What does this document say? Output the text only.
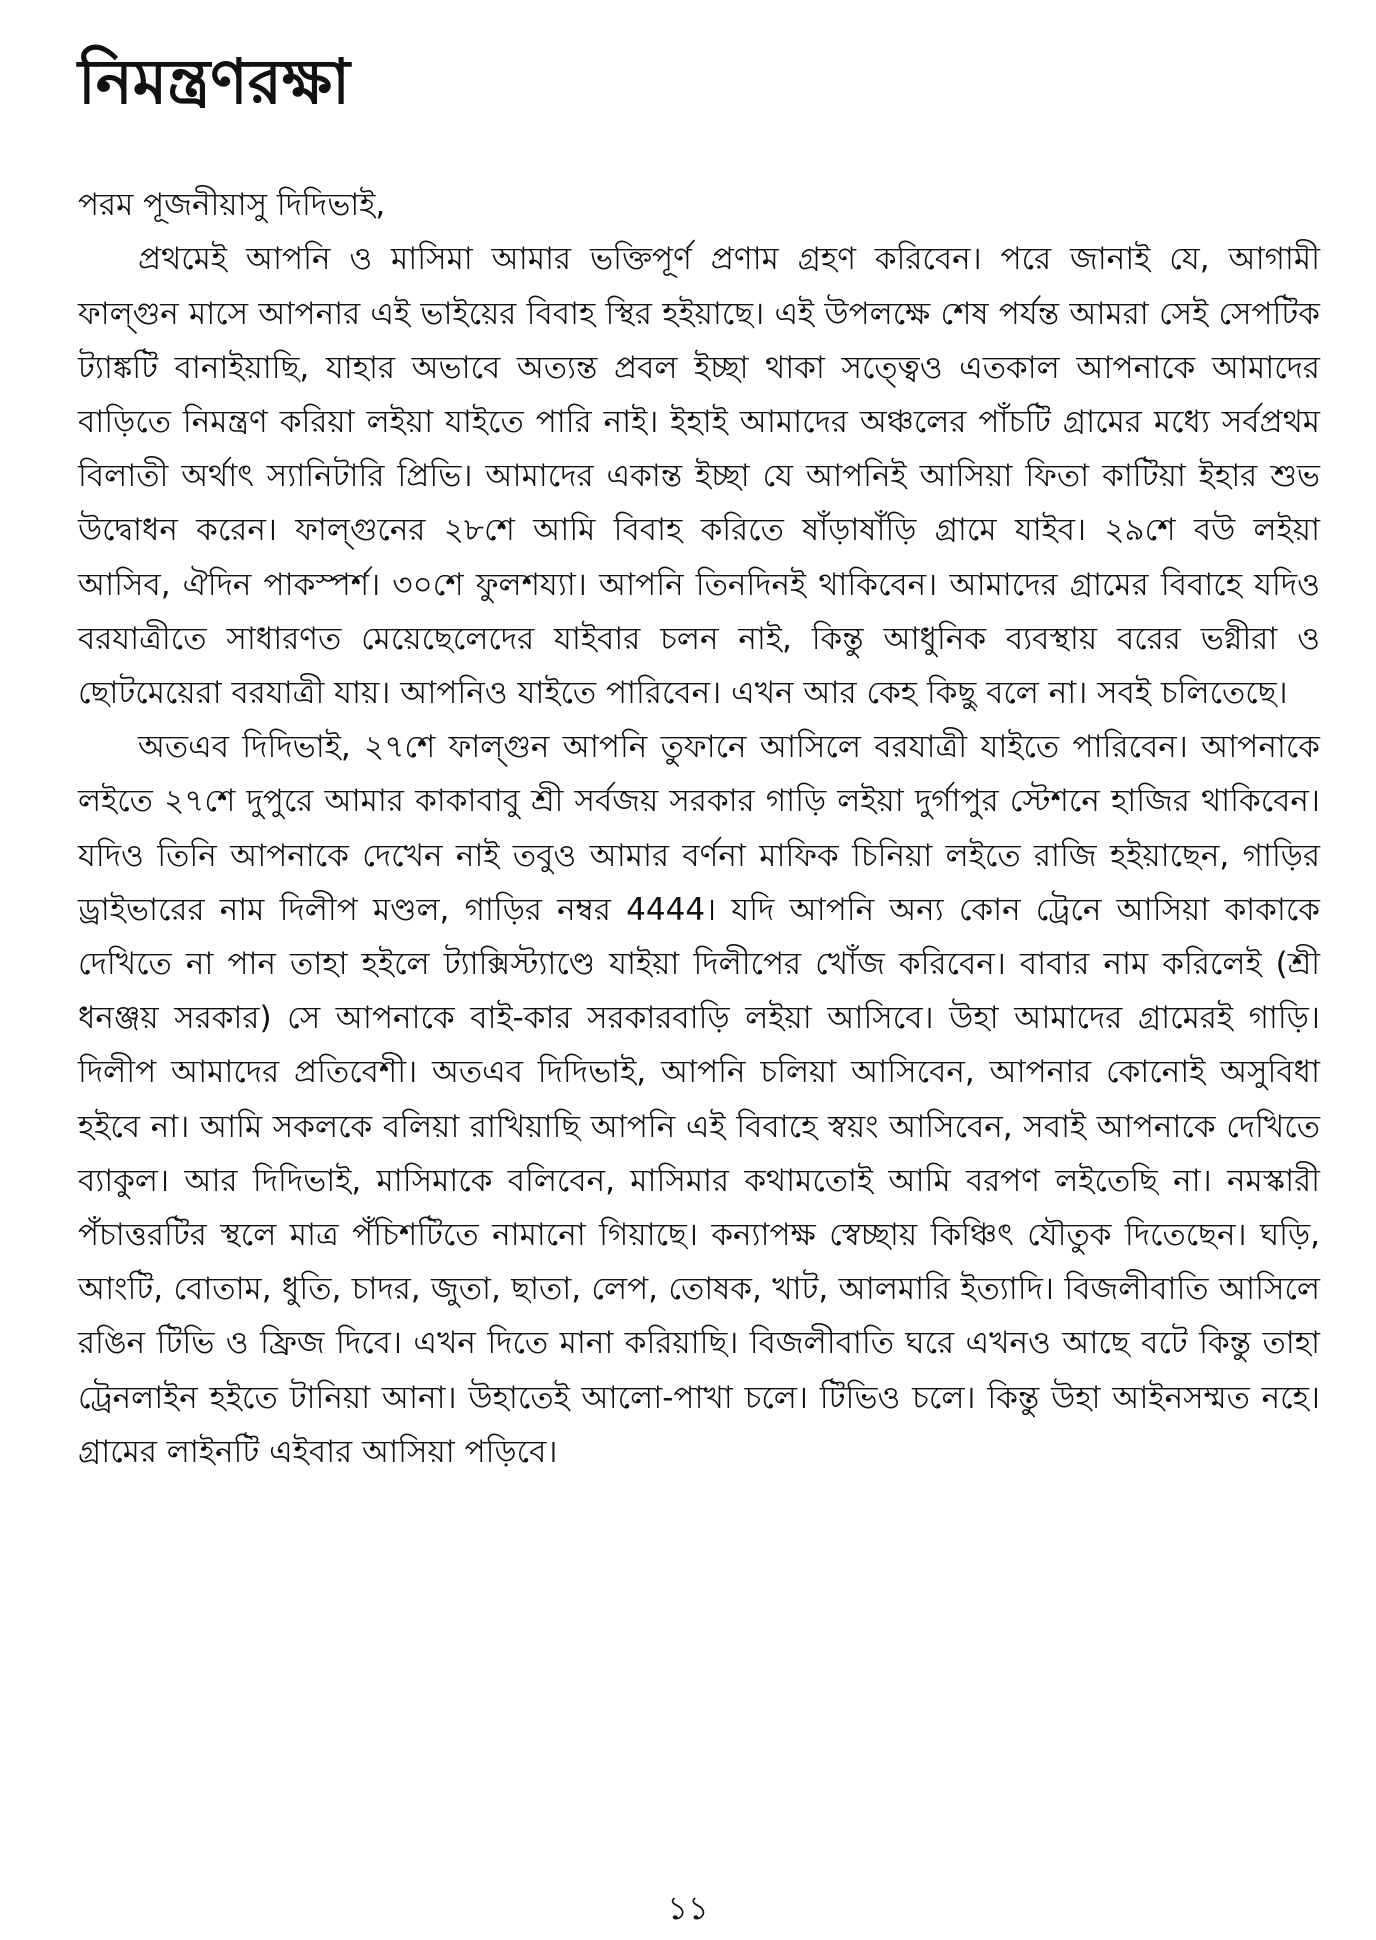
নিমন্ত্রণরক্ষা

পরম পূজনীয়াসু দিদিভাই,

প্রথমেই আপনি ও মাসিমা আমার ভক্তিপূর্ণ প্রণাম গ্রহণ করিবেন। পরে জানাই যে, আগামী ফাল্গুন মাসে আপনার এই ভাইয়ের বিবাহ স্থির হইয়াছে। এই উপলক্ষে শেষ পর্যন্ত আমরা সেই সেপটিক ট্যাঙ্কটি বানাইয়াছি, যাহার অভাবে অত্যন্ত প্রবল ইচ্ছা থাকা সত্ত্বেও এতকাল আপনাকে আমাদের বাড়িতে নিমন্ত্রণ করিয়া লইয়া যাইতে পারি নাই। ইহাই আমাদের অঞ্চলের পাঁচটি গ্রামের মধ্যে সর্বপ্রথম বিলাতী অর্থাৎ স্যানিটারি প্রিভি। আমাদের একান্ত ইচ্ছা যে আপনিই আসিয়া ফিতা কাটিয়া ইহার শুভ উদ্বোধন করেন। ফাল্গুনের ২৮শে আমি বিবাহ করিতে ষাঁড়াষাঁড়ি গ্রামে যাইব। ২৯শে বউ লইয়া আসিব, ঐদিন পাকস্পর্শ। ৩০শে ফুলশয্যা। আপনি তিনদিনই থাকিবেন। আমাদের গ্রামের বিবাহে যদিও বরযাত্রীতে সাধারণত মেয়েছেলেদের যাইবার চলন নাই, কিন্তু আধুনিক ব্যবস্থায় বরের ভগ্নীরা ও ছোটমেয়েরা বরযাত্রী যায়। আপনিও যাইতে পারিবেন। এখন আর কেহ কিছু বলে না। সবই চলিতেছে।

অতএব দিদিভাই, ২৭শে ফাল্গুন আপনি তুফানে আসিলে বরযাত্রী যাইতে পারিবেন। আপনাকে লইতে ২৭শে দুপুরে আমার কাকাবাবু শ্রী সর্বজয় সরকার গাড়ি লইয়া দুর্গাপুর স্টেশনে হাজির থাকিবেন। যদিও তিনি আপনাকে দেখেন নাই তবুও আমার বর্ণনা মাফিক চিনিয়া লইতে রাজি হইয়াছেন, গাড়ির ড্রাইভারের নাম দিলীপ মণ্ডল, গাড়ির নম্বর 4444। যদি আপনি অন্য কোন ট্রেনে আসিয়া কাকাকে দেখিতে না পান তাহা হইলে ট্যাক্সিস্ট্যাণ্ডে যাইয়া দিলীপের খোঁজ করিবেন। বাবার নাম করিলেই (শ্রী ধনঞ্জয় সরকার) সে আপনাকে বাই-কার সরকারবাড়ি লইয়া আসিবে। উহা আমাদের গ্রামেরই গাড়ি। দিলীপ আমাদের প্রতিবেশী। অতএব দিদিভাই, আপনি চলিয়া আসিবেন, আপনার কোনোই অসুবিধা হইবে না। আমি সকলকে বলিয়া রাখিয়াছি আপনি এই বিবাহে স্বয়ং আসিবেন, সবাই আপনাকে দেখিতে ব্যাকুল। আর দিদিভাই, মাসিমাকে বলিবেন, মাসিমার কথামতোই আমি বরপণ লইতেছি না। নমস্কারী পঁচাত্তরটির স্থলে মাত্র পঁচিশটিতে নামানো গিয়াছে। কন্যাপক্ষ স্বেচ্ছায় কিঞ্চিৎ যৌতুক দিতেছেন। ঘড়ি, আংটি, বোতাম, ধুতি, চাদর, জুতা, ছাতা, লেপ, তোষক, খাট, আলমারি ইত্যাদি। বিজলীবাতি আসিলে রঙিন টিভি ও ফ্রিজ দিবে। এখন দিতে মানা করিয়াছি। বিজলীবাতি ঘরে এখনও আছে বটে কিন্তু তাহা ট্রেনলাইন হইতে টানিয়া আনা। উহাতেই আলো-পাখা চলে। টিভিও চলে। কিন্তু উহা আইনসম্মত নহে। গ্রামের লাইনটি এইবার আসিয়া পড়িবে।

১১
